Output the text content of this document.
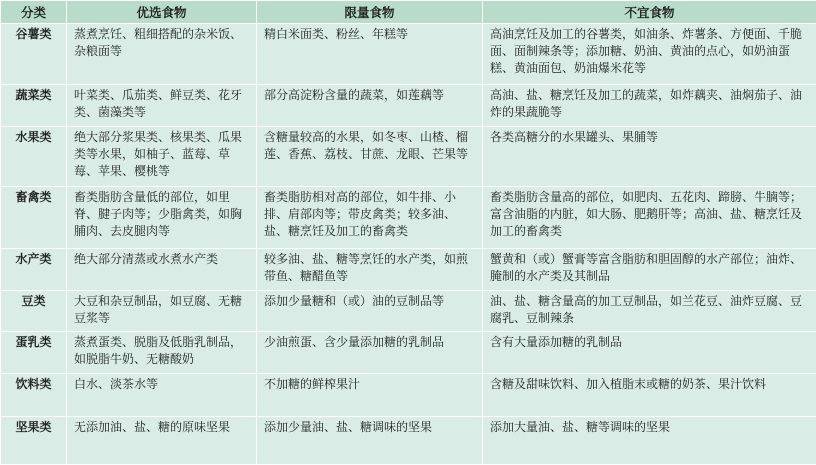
分类	优选食物	限量食物	不宜食物
谷薯类	蒸煮烹饪、粗细搭配的杂米饭、杂粮面等	精白米面类、粉丝、年糕等	高油烹饪及加工的谷薯类，如油条、炸薯条、方便面、千脆面、面制辣条等；添加糖、奶油、黄油的点心，如奶油蛋糕、黄油面包、奶油爆米花等
蔬菜类	叶菜类、瓜茄类、鲜豆类、花牙类、菌藻类等	部分高淀粉含量的蔬菜，如莲藕等	高油、盐、糖烹饪及加工的蔬菜，如炸藕夹、油焖茄子、油炸的果蔬脆等
水果类	绝大部分浆果类、核果类、瓜果类等水果，如柚子、蓝莓、草莓、苹果、樱桃等	含糖量较高的水果，如冬枣、山楂、榴莲、香蕉、荔枝、甘蔗、龙眼、芒果等	各类高糖分的水果罐头、果脯等
畜禽类	畜类脂肪含量低的部位，如里脊、腱子肉等；少脂禽类，如胸脯肉、去皮腿肉等	畜类脂肪相对高的部位，如牛排、小排、肩部肉等；带皮禽类；较多油、盐、糖烹饪及加工的畜禽类	畜类脂肪含量高的部位，如肥肉、五花肉、蹄膀、牛腩等；富含油脂的内脏，如大肠、肥鹅肝等；高油、盐、糖烹饪及加工的畜禽类
水产类	绝大部分清蒸或水煮水产类	较多油、盐、糖等烹饪的水产类，如煎带鱼、糖醋鱼等	蟹黄和（或）蟹膏等富含脂肪和胆固醇的水产部位；油炸、腌制的水产类及其制品
豆类	大豆和杂豆制品，如豆腐、无糖豆浆等	添加少量糖和（或）油的豆制品等	油、盐、糖含量高的加工豆制品，如兰花豆、油炸豆腐、豆腐乳、豆制辣条
蛋乳类	蒸煮蛋类、脱脂及低脂乳制品，如脱脂牛奶、无糖酸奶	少油煎蛋、含少量添加糖的乳制品	含有大量添加糖的乳制品
饮料类	白水、淡茶水等	不加糖的鲜榨果汁	含糖及甜味饮料、加入植脂末或糖的奶茶、果汁饮料
坚果类	无添加油、盐、糖的原味坚果	添加少量油、盐、糖调味的坚果	添加大量油、盐、糖等调味的坚果
